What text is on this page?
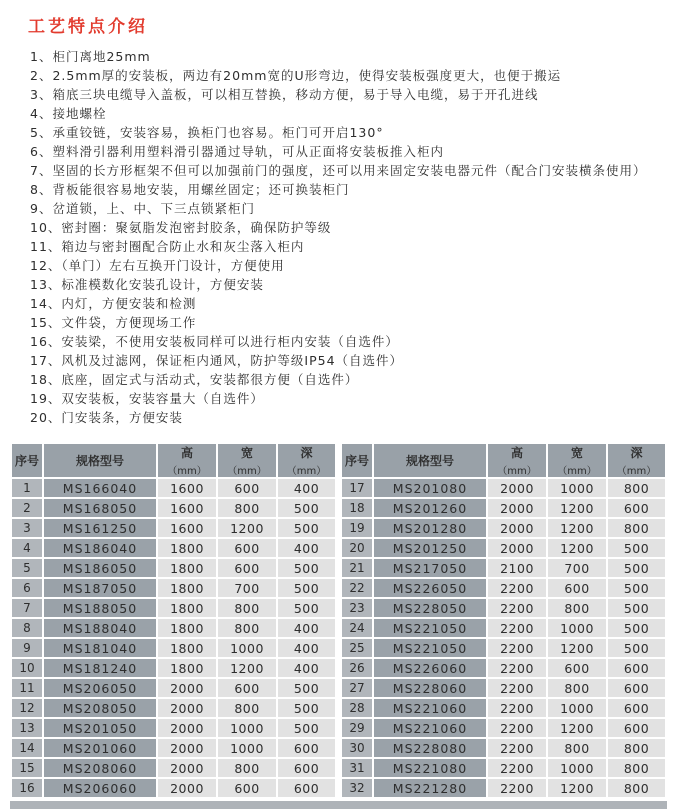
工艺特点介绍
1、柜门离地25mm
2、2.5mm厚的安装板，两边有20mm宽的U形弯边，使得安装板强度更大，也便于搬运
3、箱底三块电缆导入盖板，可以相互替换，移动方便，易于导入电缆，易于开孔进线
4、接地螺栓
5、承重铰链，安装容易，换柜门也容易。柜门可开启130°
6、塑料滑引器利用塑料滑引器通过导轨，可从正面将安装板推入柜内
7、坚固的长方形框架不但可以加强前门的强度，还可以用来固定安装电器元件（配合门安装横条使用）
8、背板能很容易地安装，用螺丝固定；还可换装柜门
9、岔道锁，上、中、下三点锁紧柜门
10、密封圈：聚氨脂发泡密封胶条，确保防护等级
11、箱边与密封圈配合防止水和灰尘落入柜内
12、（单门）左右互换开门设计，方便使用
13、标准模数化安装孔设计，方便安装
14、内灯，方便安装和检测
15、文件袋，方便现场工作
16、安装梁，不使用安装板同样可以进行柜内安装（自选件）
17、风机及过滤网，保证柜内通风，防护等级IP54（自选件）
18、底座，固定式与活动式，安装都很方便（自选件）
19、双安装板，安装容量大（自选件）
20、门安装条，方便安装
序号	规格型号	
高
（mm）

宽
（mm）

深
（mm）

1	MS166040	1600	600	400
2	MS168050	1600	800	500
3	MS161250	1600	1200	500
4	MS186040	1800	600	400
5	MS186050	1800	600	500
6	MS187050	1800	700	500
7	MS188050	1800	800	500
8	MS188040	1800	800	400
9	MS181040	1800	1000	400
10	MS181240	1800	1200	400
11	MS206050	2000	600	500
12	MS208050	2000	800	500
13	MS201050	2000	1000	500
14	MS201060	2000	1000	600
15	MS208060	2000	800	600
16	MS206060	2000	600	600
序号	规格型号	
高
（mm）

宽
（mm）

深
（mm）

17	MS201080	2000	1000	800
18	MS201260	2000	1200	600
19	MS201280	2000	1200	800
20	MS201250	2000	1200	500
21	MS217050	2100	700	500
22	MS226050	2200	600	500
23	MS228050	2200	800	500
24	MS221050	2200	1000	500
25	MS221050	2200	1200	500
26	MS226060	2200	600	600
27	MS228060	2200	800	600
28	MS221060	2200	1000	600
29	MS221060	2200	1200	600
30	MS228080	2200	800	800
31	MS221080	2200	1000	800
32	MS221280	2200	1200	800
